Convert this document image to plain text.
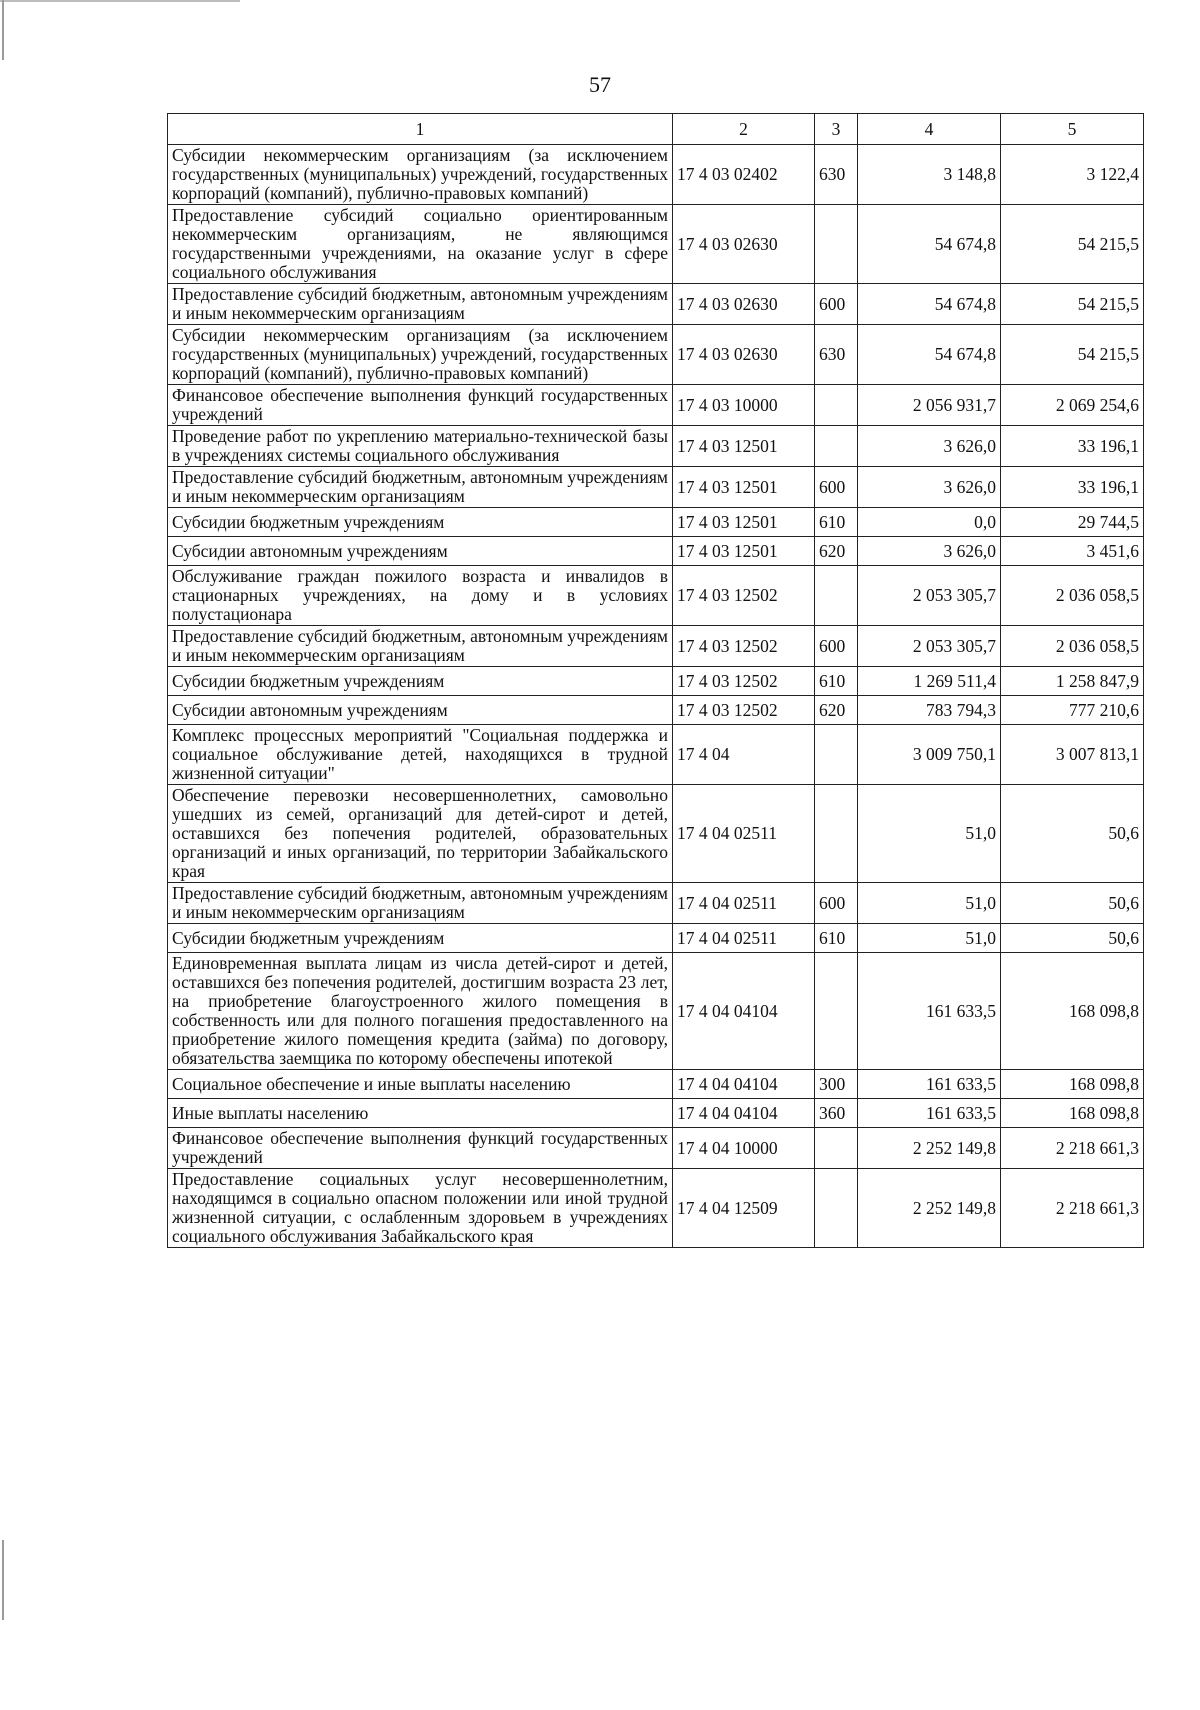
57
1	2	3	4	5
Субсидии некоммерческим организациям (за исключением государственных (муниципальных) учреждений, государственных корпораций (компаний), публично-правовых компаний)	17 4 03 02402	630	3 148,8	3 122,4
Предоставление субсидий социально ориентированным некоммерческим организациям, не являющимся государственными учреждениями, на оказание услуг в сфере социального обслуживания	17 4 03 02630		54 674,8	54 215,5
Предоставление субсидий бюджетным, автономным учреждениям и иным некоммерческим организациям	17 4 03 02630	600	54 674,8	54 215,5
Субсидии некоммерческим организациям (за исключением государственных (муниципальных) учреждений, государственных корпораций (компаний), публично-правовых компаний)	17 4 03 02630	630	54 674,8	54 215,5
Финансовое обеспечение выполнения функций государственных учреждений	17 4 03 10000		2 056 931,7	2 069 254,6
Проведение работ по укреплению материально-технической базы в учреждениях системы социального обслуживания	17 4 03 12501		3 626,0	33 196,1
Предоставление субсидий бюджетным, автономным учреждениям и иным некоммерческим организациям	17 4 03 12501	600	3 626,0	33 196,1
Субсидии бюджетным учреждениям	17 4 03 12501	610	0,0	29 744,5
Субсидии автономным учреждениям	17 4 03 12501	620	3 626,0	3 451,6
Обслуживание граждан пожилого возраста и инвалидов в стационарных учреждениях, на дому и в условиях полустационара	17 4 03 12502		2 053 305,7	2 036 058,5
Предоставление субсидий бюджетным, автономным учреждениям и иным некоммерческим организациям	17 4 03 12502	600	2 053 305,7	2 036 058,5
Субсидии бюджетным учреждениям	17 4 03 12502	610	1 269 511,4	1 258 847,9
Субсидии автономным учреждениям	17 4 03 12502	620	783 794,3	777 210,6
Комплекс процессных мероприятий "Социальная поддержка и социальное обслуживание детей, находящихся в трудной жизненной ситуации"	17 4 04		3 009 750,1	3 007 813,1
Обеспечение перевозки несовершеннолетних, самовольно ушедших из семей, организаций для детей-сирот и детей, оставшихся без попечения родителей, образовательных организаций и иных организаций, по территории Забайкальского края	17 4 04 02511		51,0	50,6
Предоставление субсидий бюджетным, автономным учреждениям и иным некоммерческим организациям	17 4 04 02511	600	51,0	50,6
Субсидии бюджетным учреждениям	17 4 04 02511	610	51,0	50,6
Единовременная выплата лицам из числа детей-сирот и детей, оставшихся без попечения родителей, достигшим возраста 23 лет, на приобретение благоустроенного жилого помещения в собственность или для полного погашения предоставленного на приобретение жилого помещения кредита (займа) по договору, обязательства заемщика по которому обеспечены ипотекой	17 4 04 04104		161 633,5	168 098,8
Социальное обеспечение и иные выплаты населению	17 4 04 04104	300	161 633,5	168 098,8
Иные выплаты населению	17 4 04 04104	360	161 633,5	168 098,8
Финансовое обеспечение выполнения функций государственных учреждений	17 4 04 10000		2 252 149,8	2 218 661,3
Предоставление социальных услуг несовершеннолетним, находящимся в социально опасном положении или иной трудной жизненной ситуации, с ослабленным здоровьем в учреждениях социального обслуживания Забайкальского края	17 4 04 12509		2 252 149,8	2 218 661,3
